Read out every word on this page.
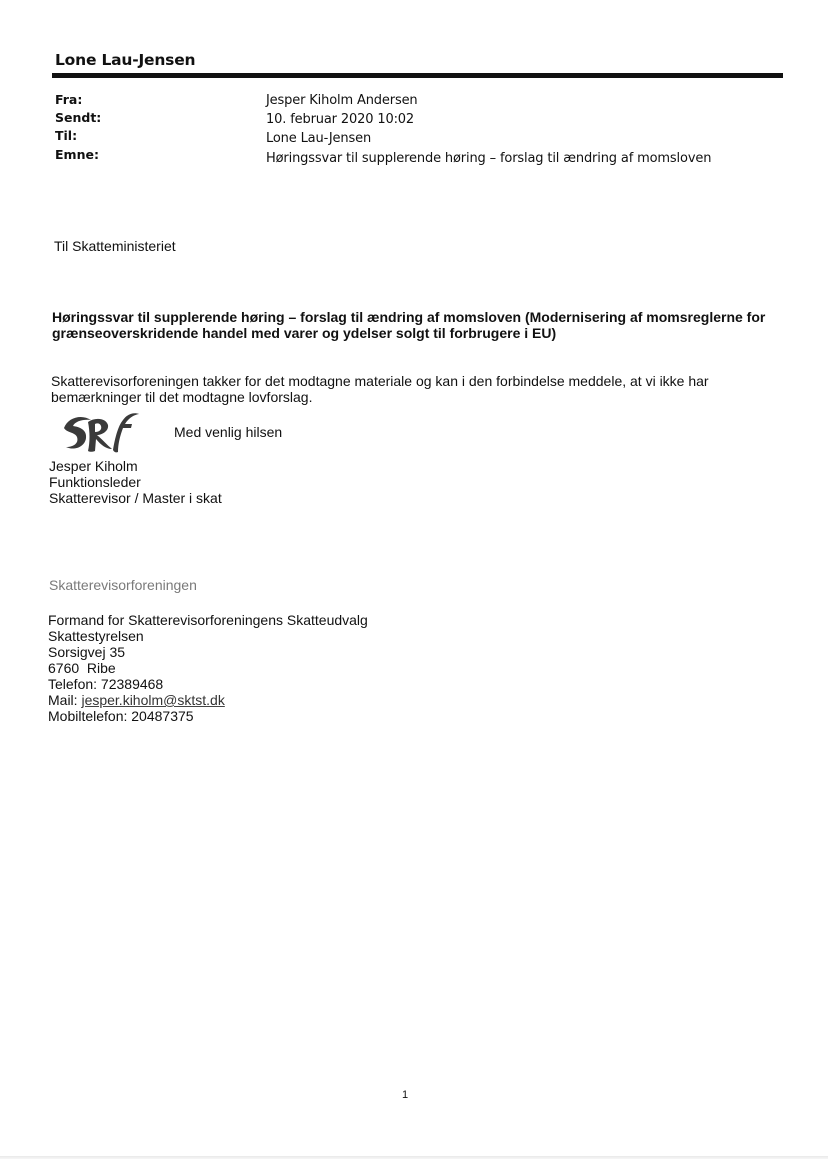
Lone Lau-Jensen
Fra:	Jesper Kiholm Andersen
Sendt:	10. februar 2020 10:02
Til:	Lone Lau-Jensen
Emne:	Høringssvar til supplerende høring – forslag til ændring af momsloven
Til Skatteministeriet
Høringssvar til supplerende høring – forslag til ændring af momsloven (Modernisering af momsreglerne for
grænseoverskridende handel med varer og ydelser solgt til forbrugere i EU)
Skatterevisorforeningen takker for det modtagne materiale og kan i den forbindelse meddele, at vi ikke har
bemærkninger til det modtagne lovforslag.
Med venlig hilsen
Jesper Kiholm
Funktionsleder
Skatterevisor / Master i skat
Skatterevisorforeningen
Formand for Skatterevisorforeningens Skatteudvalg
Skattestyrelsen
Sorsigvej 35
6760  Ribe
Telefon: 72389468
Mail: jesper.kiholm@sktst.dk
Mobiltelefon: 20487375
1
